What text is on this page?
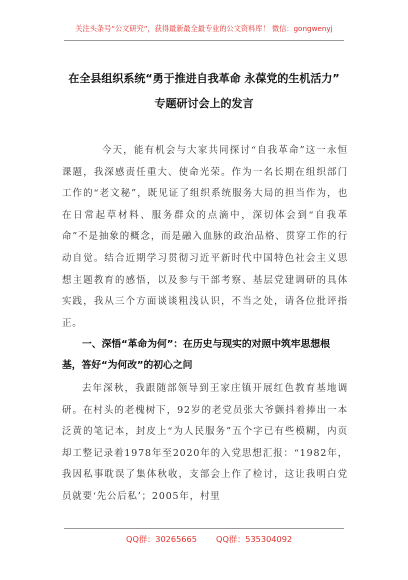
关注头条号“公文研究”，获得最新最全最专业的公文资料库！ 微信：gongwenyj
在全县组织系统“勇于推进自我革命 永葆党的生机活力”
专题研讨会上的发言

今天，能有机会与大家共同探讨“自我革命”这一永恒课题，我深感责任重大、使命光荣。作为一名长期在组织部门工作的“老文秘”，既见证了组织系统服务大局的担当作为，也在日常起草材料、服务群众的点滴中，深切体会到“自我革命”不是抽象的概念，而是融入血脉的政治品格、贯穿工作的行动自觉。结合近期学习贯彻习近平新时代中国特色社会主义思想主题教育的感悟，以及参与干部考察、基层党建调研的具体实践，我从三个方面谈谈粗浅认识，不当之处，请各位批评指正。

一、深悟“革命为何”：在历史与现实的对照中筑牢思想根基，答好“为何改”的初心之问

去年深秋，我跟随部领导到王家庄镇开展红色教育基地调研。在村头的老槐树下，92岁的老党员张大爷颤抖着捧出一本泛黄的笔记本，封皮上“为人民服务”五个字已有些模糊，内页却工整记录着1978年至2020年的入党思想汇报：“1982年，我因私事耽误了集体秋收，支部会上作了检讨，这让我明白党员就要‘先公后私’；2005年，村里

QQ群：30265665 QQ群：535304092
